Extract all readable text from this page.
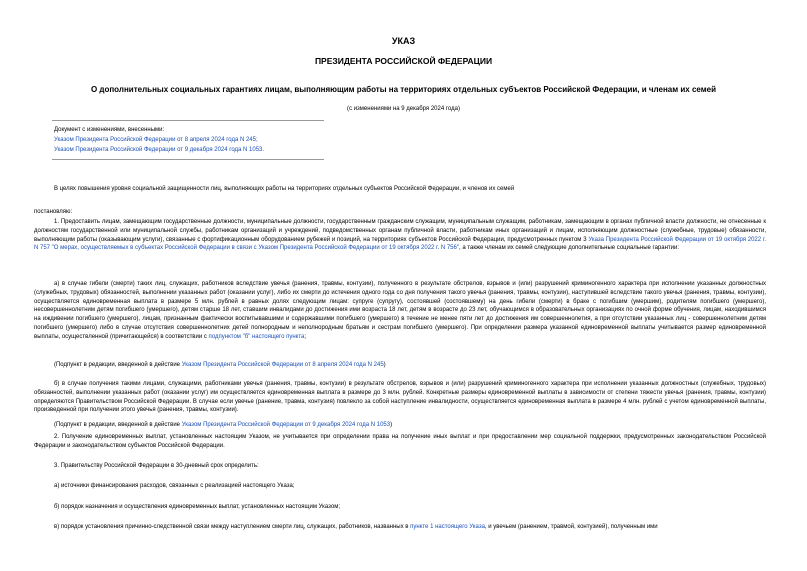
УКАЗ
ПРЕЗИДЕНТА РОССИЙСКОЙ ФЕДЕРАЦИИ
О дополнительных социальных гарантиях лицам, выполняющим работы на территориях отдельных субъектов Российской Федерации, и членам их семей
(с изменениями на 9 декабря 2024 года)
Документ с изменениями, внесенными:
Указом Президента Российской Федерации от 8 апреля 2024 года N 245;
Указом Президента Российской Федерации от 9 декабря 2024 года N 1053.
В целях повышения уровня социальной защищенности лиц, выполняющих работы на территориях отдельных субъектов Российской Федерации, и членов их семей
постановляю:
1. Предоставить лицам, замещающим государственные должности, муниципальные должности, государственным гражданским служащим, муниципальным служащим, работникам, замещающим в органах публичной власти должности, не отнесенные к должностям государственной или муниципальной службы, работникам организаций и учреждений, подведомственных органам публичной власти, работникам иных организаций и лицам, исполняющим должностные (служебные, трудовые) обязанности, выполняющим работы (оказывающим услуги), связанные с фортификационным оборудованием рубежей и позиций, на территориях субъектов Российской Федерации, предусмотренных пунктом 3 Указа Президента Российской Федерации от 19 октября 2022 г. N 757 "О мерах, осуществляемых в субъектах Российской Федерации в связи с Указом Президента Российской Федерации от 19 октября 2022 г. N 756", а также членам их семей следующие дополнительные социальные гарантии:
а) в случае гибели (смерти) таких лиц, служащих, работников вследствие увечья (ранения, травмы, контузии), полученного в результате обстрелов, взрывов и (или) разрушений криминогенного характера при исполнении указанных должностных (служебных, трудовых) обязанностей, выполнении указанных работ (оказании услуг), либо их смерти до истечения одного года со дня получения такого увечья (ранения, травмы, контузии), наступившей вследствие такого увечья (ранения, травмы, контузии), осуществляется единовременная выплата в размере 5 млн. рублей в равных долях следующим лицам: супруге (супругу), состоявшей (состоявшему) на день гибели (смерти) в браке с погибшим (умершим), родителям погибшего (умершего), несовершеннолетним детям погибшего (умершего), детям старше 18 лет, ставшим инвалидами до достижения ими возраста 18 лет, детям в возрасте до 23 лет, обучающимся в образовательных организациях по очной форме обучения, лицам, находившимся на иждивении погибшего (умершего), лицам, признанным фактически воспитывавшими и содержавшими погибшего (умершего) в течение не менее пяти лет до достижения им совершеннолетия, а при отсутствии указанных лиц - совершеннолетним детям погибшего (умершего) либо в случае отсутствия совершеннолетних детей полнородным и неполнородным братьям и сестрам погибшего (умершего). При определении размера указанной единовременной выплаты учитывается размер единовременной выплаты, осуществленной (причитающейся) в соответствии с подпунктом "б" настоящего пункта;
(Подпункт в редакции, введенной в действие Указом Президента Российской Федерации от 8 апреля 2024 года N 245)
б) в случае получения такими лицами, служащими, работниками увечья (ранения, травмы, контузии) в результате обстрелов, взрывов и (или) разрушений криминогенного характера при исполнении указанных должностных (служебных, трудовых) обязанностей, выполнении указанных работ (оказании услуг) им осуществляется единовременная выплата в размере до 3 млн. рублей. Конкретные размеры единовременной выплаты в зависимости от степени тяжести увечья (ранения, травмы, контузии) определяются Правительством Российской Федерации. В случае если увечье (ранение, травма, контузия) повлекло за собой наступление инвалидности, осуществляется единовременная выплата в размере 4 млн. рублей с учетом единовременной выплаты, произведенной при получении этого увечья (ранения, травмы, контузии).
(Подпункт в редакции, введенной в действие Указом Президента Российской Федерации от 9 декабря 2024 года N 1053)
2. Получение единовременных выплат, установленных настоящим Указом, не учитывается при определении права на получение иных выплат и при предоставлении мер социальной поддержки, предусмотренных законодательством Российской Федерации и законодательством субъектов Российской Федерации.
3. Правительству Российской Федерации в 30-дневный срок определить:
а) источники финансирования расходов, связанных с реализацией настоящего Указа;
б) порядок назначения и осуществления единовременных выплат, установленных настоящим Указом;
в) порядок установления причинно-следственной связи между наступлением смерти лиц, служащих, работников, названных в пункте 1 настоящего Указа, и увечьем (ранением, травмой, контузией), полученным ими
